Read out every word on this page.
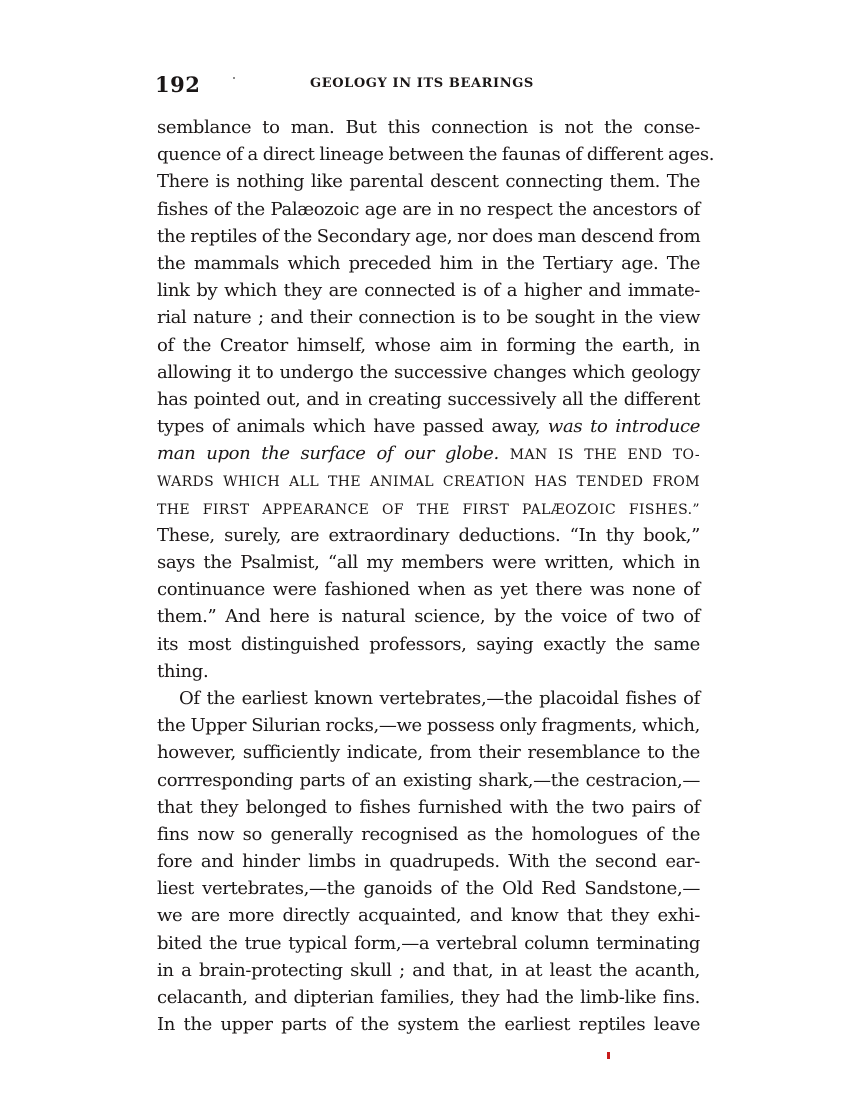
192	GEOLOGY IN ITS BEARINGS
semblance to man. But this connection is not the conse-
quence of a direct lineage between the faunas of different ages.
There is nothing like parental descent connecting them. The
fishes of the Palæozoic age are in no respect the ancestors of
the reptiles of the Secondary age, nor does man descend from
the mammals which preceded him in the Tertiary age. The
link by which they are connected is of a higher and immate-
rial nature ; and their connection is to be sought in the view
of the Creator himself, whose aim in forming the earth, in
allowing it to undergo the successive changes which geology
has pointed out, and in creating successively all the different
types of animals which have passed away, was to introduce
man upon the surface of our globe. MAN IS THE END TO-
WARDS WHICH ALL THE ANIMAL CREATION HAS TENDED FROM
THE FIRST APPEARANCE OF THE FIRST PALÆOZOIC FISHES.”
These, surely, are extraordinary deductions. “In thy book,”
says the Psalmist, “all my members were written, which in
continuance were fashioned when as yet there was none of
them.” And here is natural science, by the voice of two of
its most distinguished professors, saying exactly the same
thing.
Of the earliest known vertebrates,—the placoidal fishes of
the Upper Silurian rocks,—we possess only fragments, which,
however, sufficiently indicate, from their resemblance to the
corrresponding parts of an existing shark,—the cestracion,—
that they belonged to fishes furnished with the two pairs of
fins now so generally recognised as the homologues of the
fore and hinder limbs in quadrupeds. With the second ear-
liest vertebrates,—the ganoids of the Old Red Sandstone,—
we are more directly acquainted, and know that they exhi-
bited the true typical form,—a vertebral column terminating
in a brain-protecting skull ; and that, in at least the acanth,
celacanth, and dipterian families, they had the limb-like fins.
In the upper parts of the system the earliest reptiles leave
